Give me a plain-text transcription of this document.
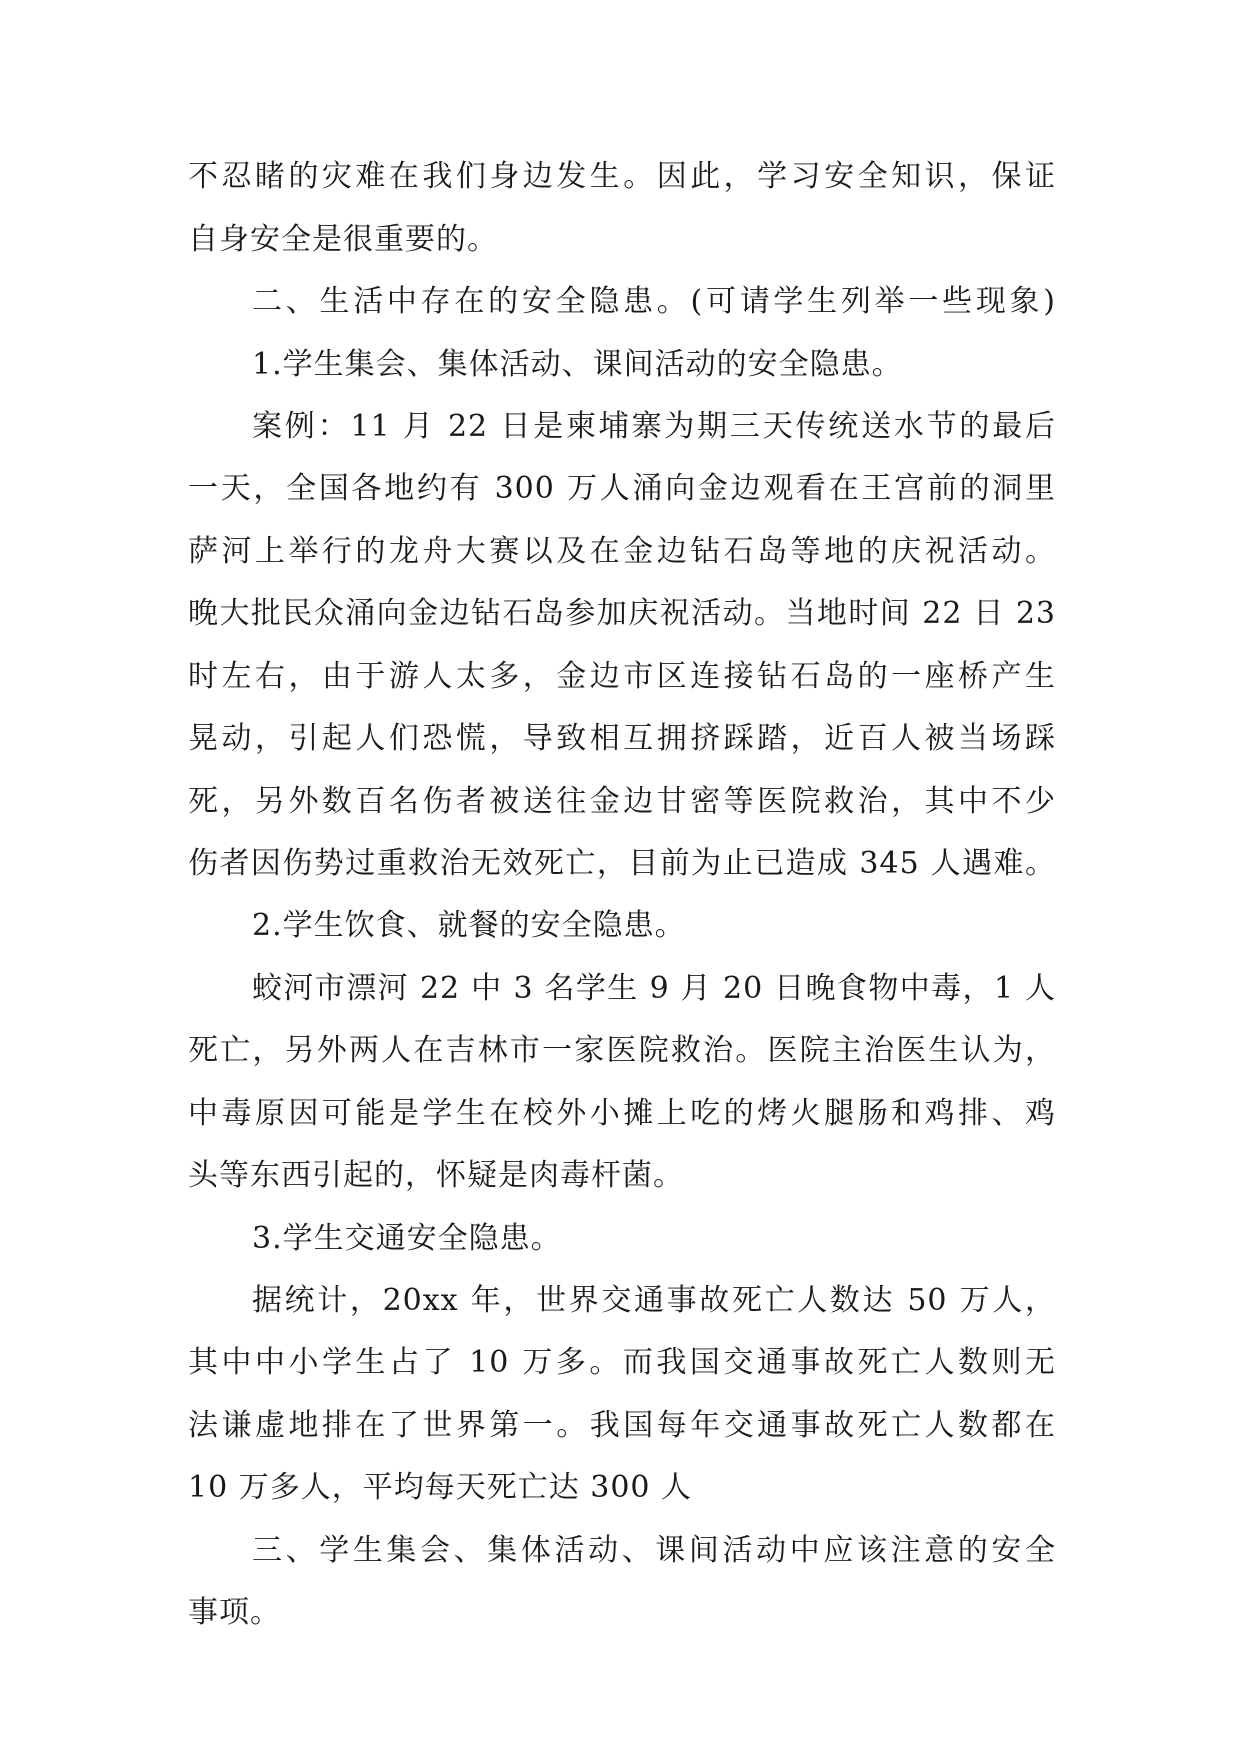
不忍睹的灾难在我们身边发生。因此，学习安全知识，保证
自身安全是很重要的。
二、生活中存在的安全隐患。(可请学生列举一些现象)
1.学生集会、集体活动、课间活动的安全隐患。
案例：11 月 22 日是柬埔寨为期三天传统送水节的最后
一天，全国各地约有 300 万人涌向金边观看在王宫前的洞里
萨河上举行的龙舟大赛以及在金边钻石岛等地的庆祝活动。
晚大批民众涌向金边钻石岛参加庆祝活动。当地时间 22 日 23
时左右，由于游人太多，金边市区连接钻石岛的一座桥产生
晃动，引起人们恐慌，导致相互拥挤踩踏，近百人被当场踩
死，另外数百名伤者被送往金边甘密等医院救治，其中不少
伤者因伤势过重救治无效死亡，目前为止已造成 345 人遇难。
2.学生饮食、就餐的安全隐患。
蛟河市漂河 22 中 3 名学生 9 月 20 日晚食物中毒，1 人
死亡，另外两人在吉林市一家医院救治。医院主治医生认为，
中毒原因可能是学生在校外小摊上吃的烤火腿肠和鸡排、鸡
头等东西引起的，怀疑是肉毒杆菌。
3.学生交通安全隐患。
据统计，20xx 年，世界交通事故死亡人数达 50 万人，
其中中小学生占了 10 万多。而我国交通事故死亡人数则无
法谦虚地排在了世界第一。我国每年交通事故死亡人数都在
10 万多人，平均每天死亡达 300 人
三、学生集会、集体活动、课间活动中应该注意的安全
事项。
